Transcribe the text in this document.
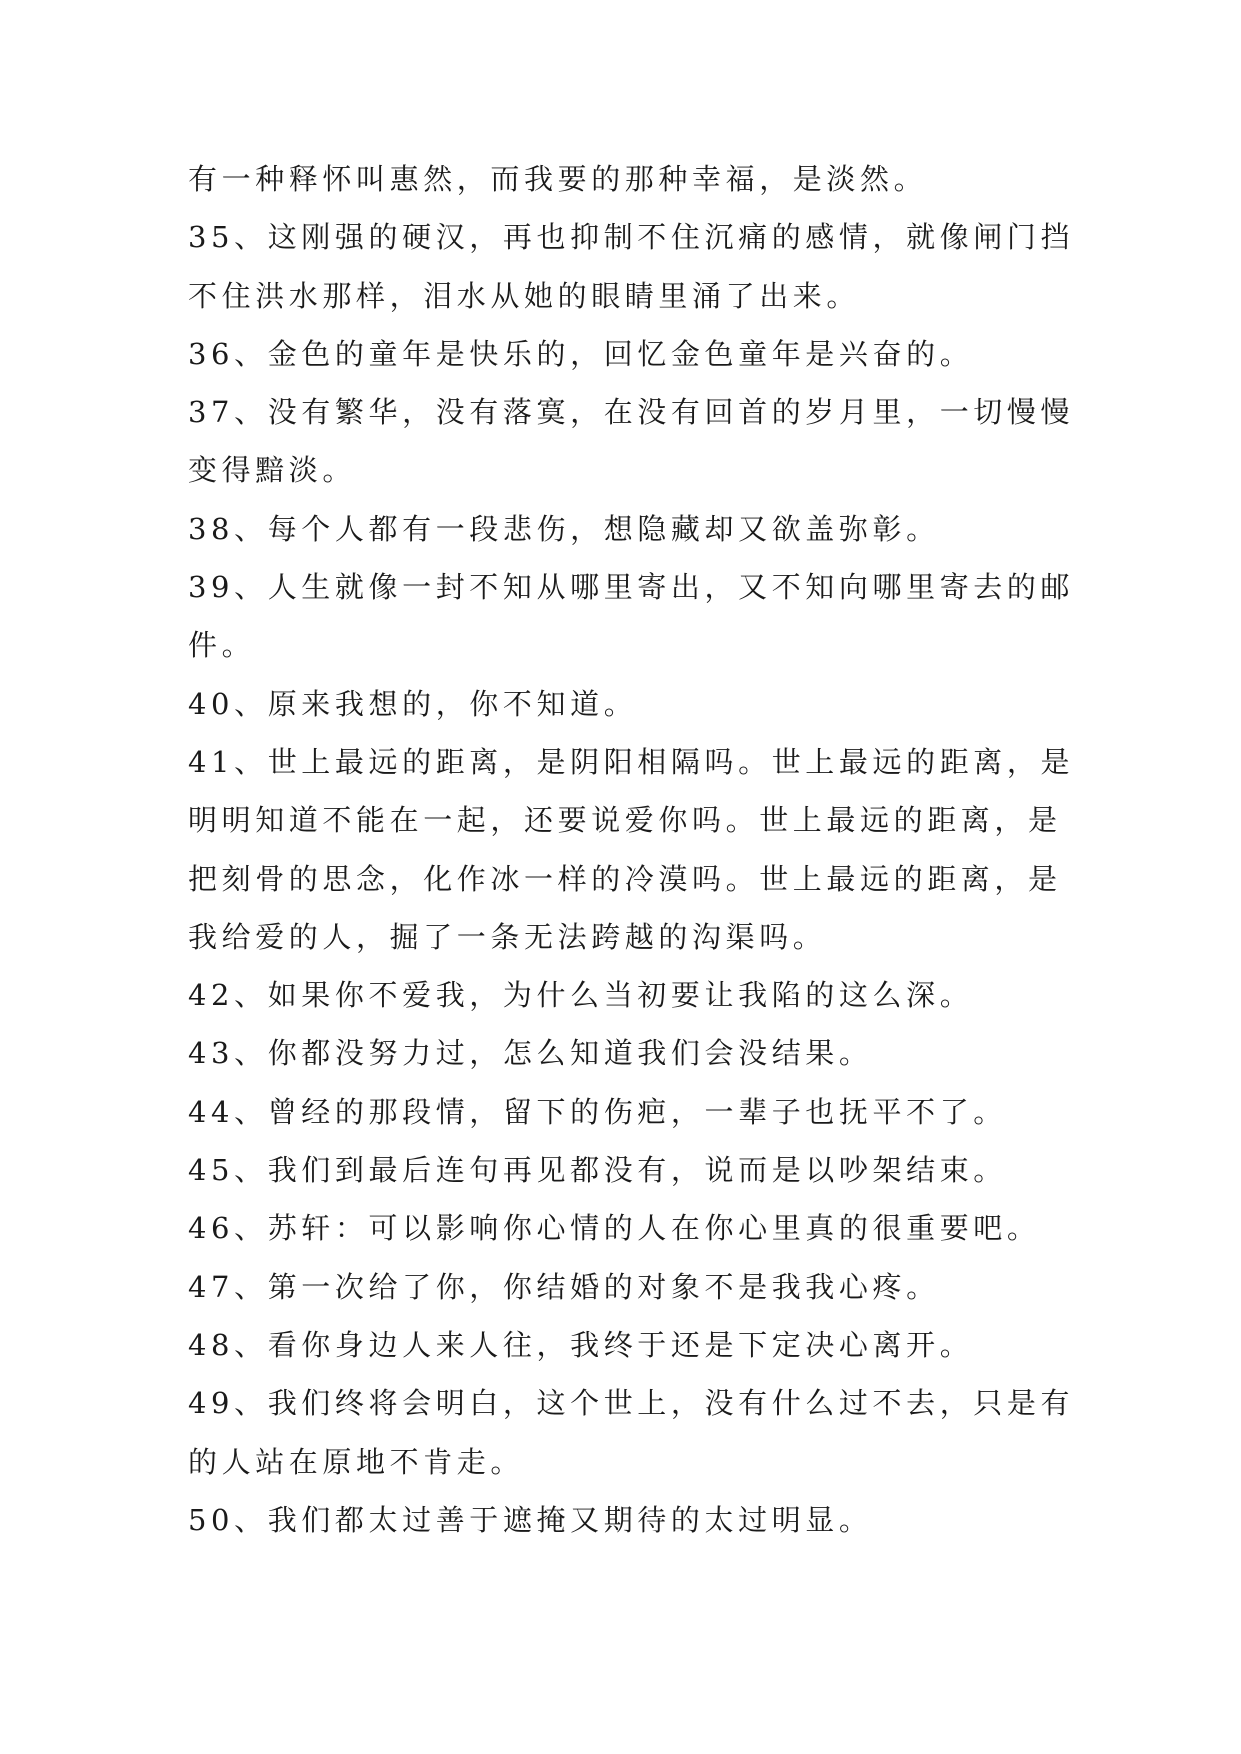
有一种释怀叫惠然，而我要的那种幸福，是淡然。
35、这刚强的硬汉，再也抑制不住沉痛的感情，就像闸门挡
不住洪水那样，泪水从她的眼睛里涌了出来。
36、金色的童年是快乐的，回忆金色童年是兴奋的。
37、没有繁华，没有落寞，在没有回首的岁月里，一切慢慢
变得黯淡。
38、每个人都有一段悲伤，想隐藏却又欲盖弥彰。
39、人生就像一封不知从哪里寄出，又不知向哪里寄去的邮
件。
40、原来我想的，你不知道。
41、世上最远的距离，是阴阳相隔吗。世上最远的距离，是
明明知道不能在一起，还要说爱你吗。世上最远的距离，是
把刻骨的思念，化作冰一样的冷漠吗。世上最远的距离，是
我给爱的人，掘了一条无法跨越的沟渠吗。
42、如果你不爱我，为什么当初要让我陷的这么深。
43、你都没努力过，怎么知道我们会没结果。
44、曾经的那段情，留下的伤疤，一辈子也抚平不了。
45、我们到最后连句再见都没有，说而是以吵架结束。
46、苏轩：可以影响你心情的人在你心里真的很重要吧。
47、第一次给了你，你结婚的对象不是我我心疼。
48、看你身边人来人往，我终于还是下定决心离开。
49、我们终将会明白，这个世上，没有什么过不去，只是有
的人站在原地不肯走。
50、我们都太过善于遮掩又期待的太过明显。
